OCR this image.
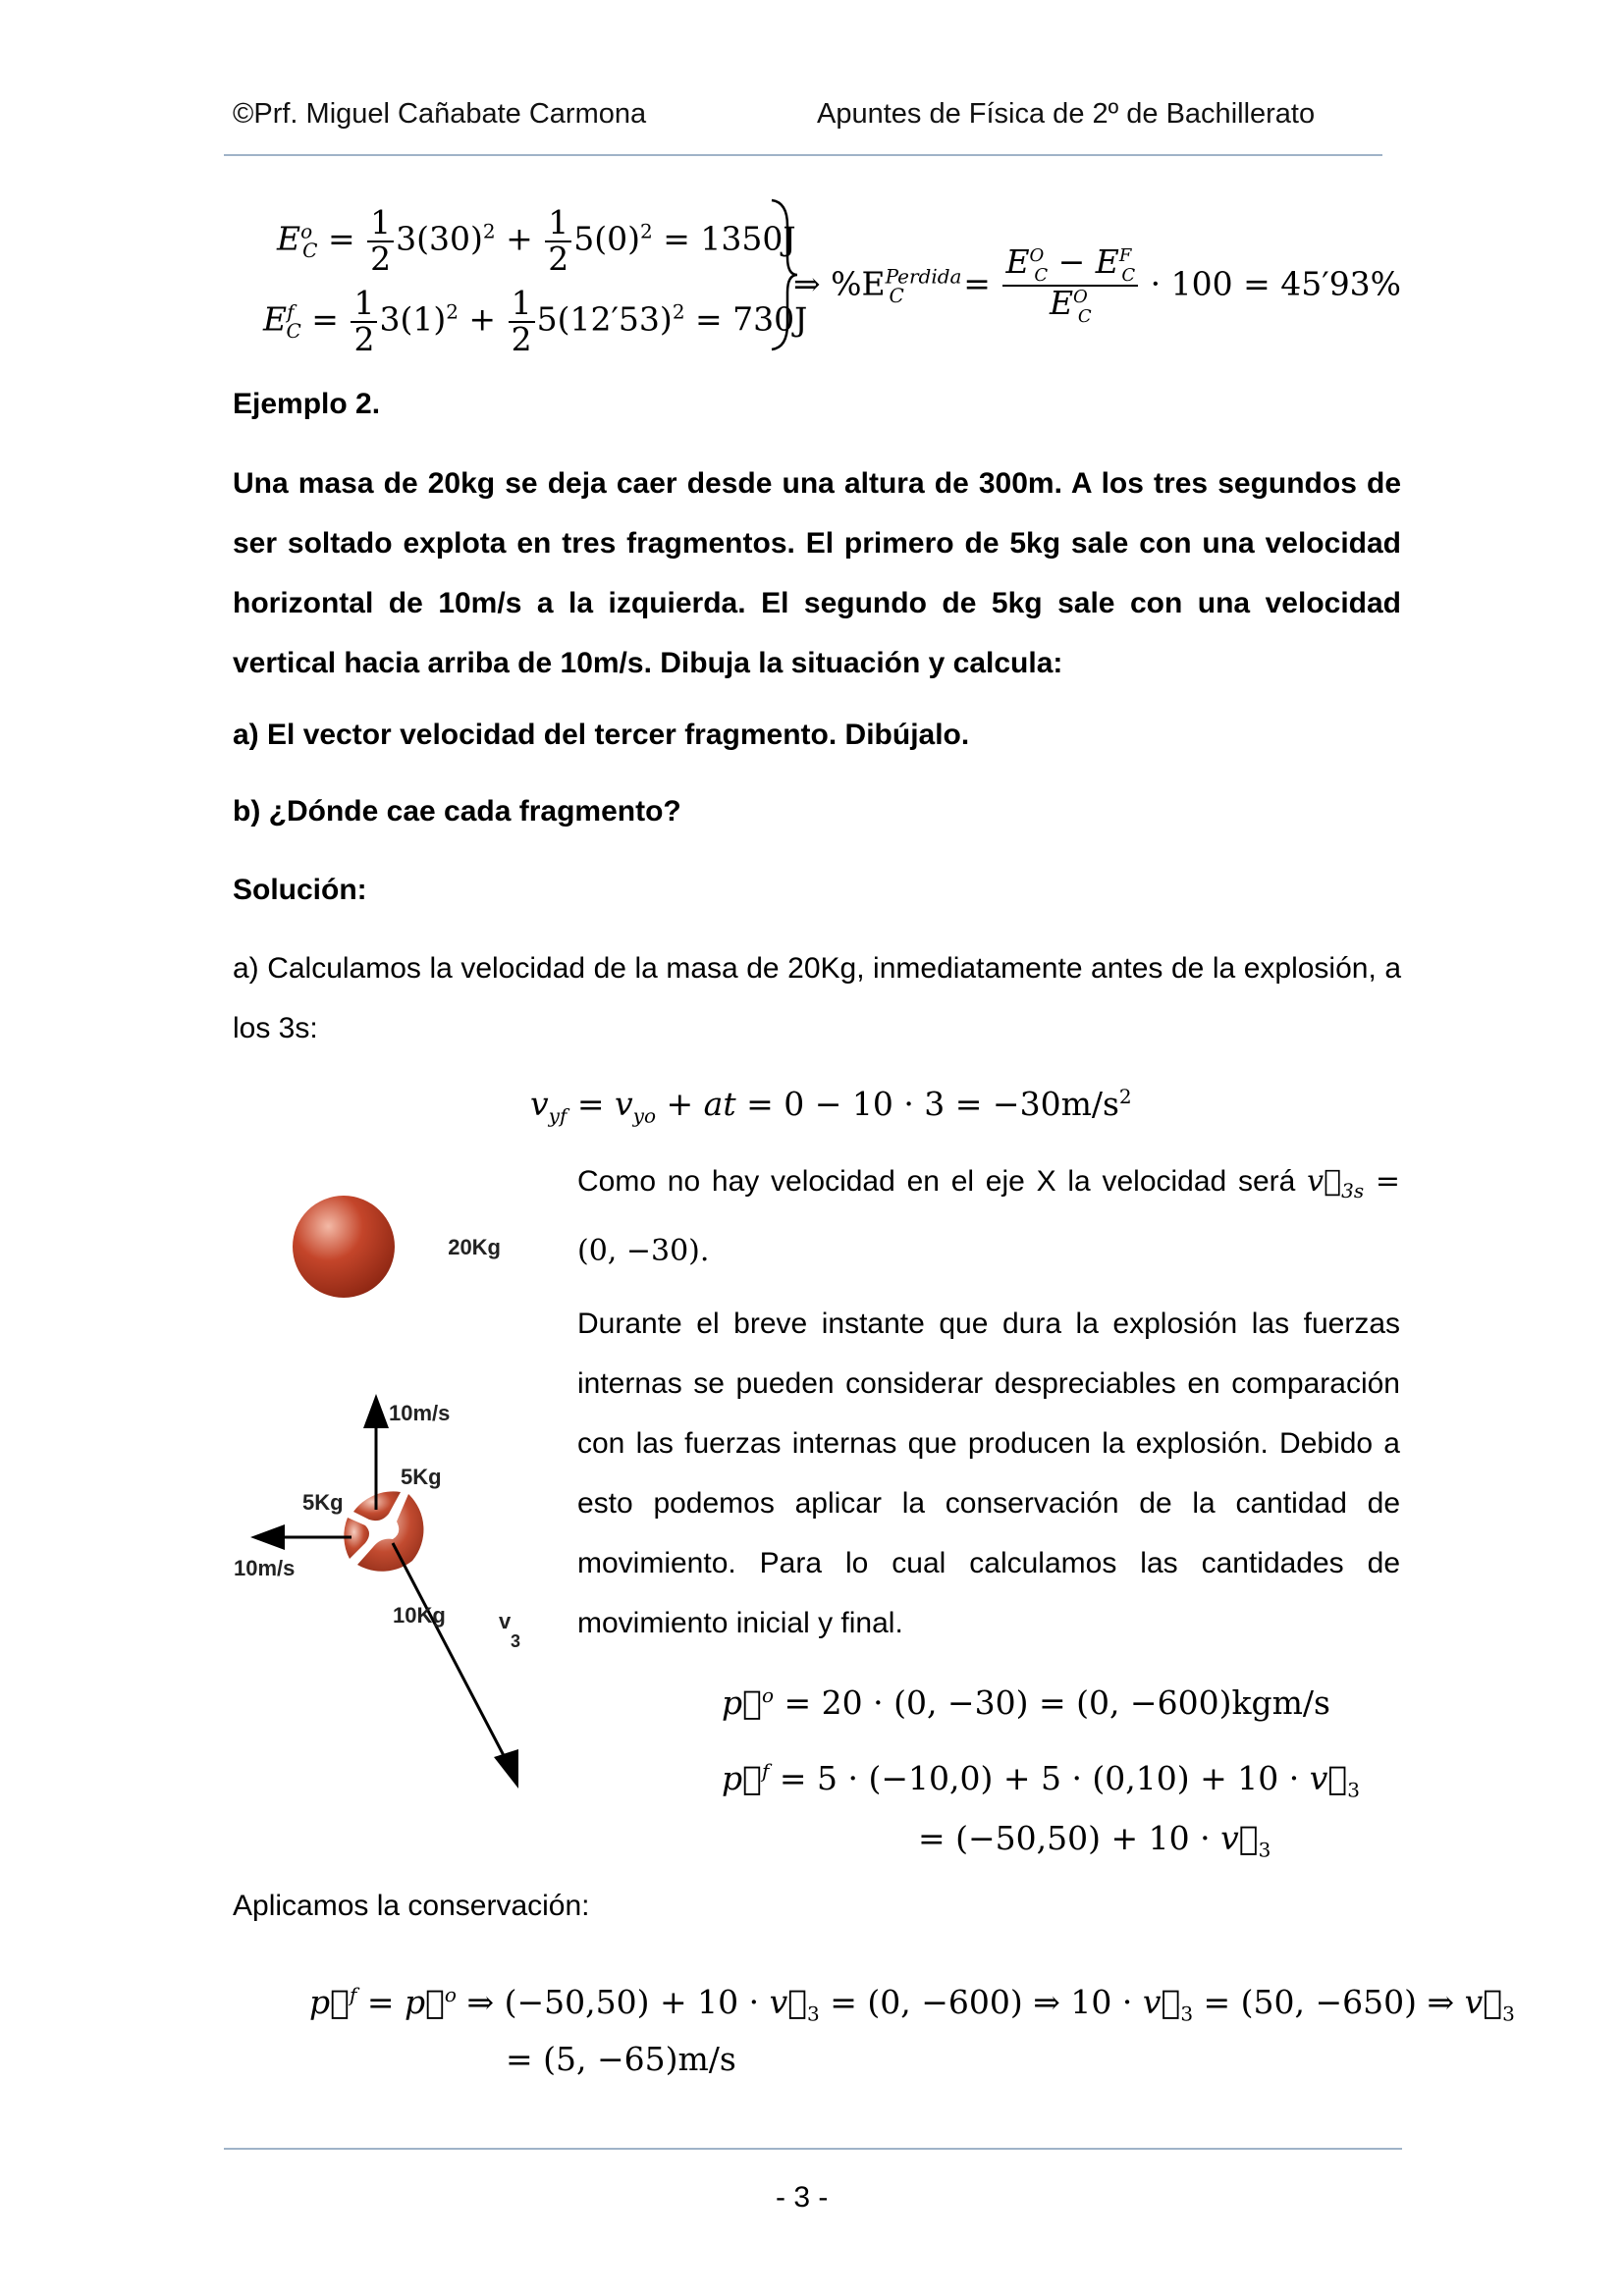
©Prf. Miguel Cañabate Carmona	Apuntes de Física de 2º de Bachillerato
$E^o_C = \frac{1}{2} 3(30)^2 + \frac{1}{2} 5(0)^2 = 1350J$
$E^f_C = \frac{1}{2} 3(1)^2 + \frac{1}{2} 5(12'53)^2 = 730J$
⇒ $\%E^{Perdida}_C = \frac{E^O_C - E^F_C}{E^O_C} \cdot 100 = 45'93\%$
Ejemplo 2.

Una masa de 20kg se deja caer desde una altura de 300m. A los tres segundos de ser soltado explota en tres fragmentos. El primero de 5kg sale con una velocidad horizontal de 10m/s a la izquierda. El segundo de 5kg sale con una velocidad vertical hacia arriba de 10m/s. Dibuja la situación y calcula:

a) El vector velocidad del tercer fragmento. Dibújalo.
b) ¿Dónde cae cada fragmento?
Solución:

a) Calculamos la velocidad de la masa de 20Kg, inmediatamente antes de la explosión, a los 3s:

$v_{yf} = v_{yo}$ + at = $0 - 10 \cdot 3 = -30m/s^2$
Como no hay velocidad en el eje X la velocidad será $v⃗_{3s} = (0$, −30).

Durante el breve instante que dura la explosión las fuerzas internas se pueden considerar despreciables en comparación con las fuerzas internas que producen la explosión. Debido a esto podemos aplicar la conservación de la cantidad de movimiento. Para lo cual calculamos las cantidades de movimiento inicial y final.

p⃗$^o$ = 20 · (0, −30) = (0, −600)kgm/s
p⃗$^f$ = $5 \cdot (-10,0) + 5 \cdot (0,10) + 10 \cdot v⃗_3$
= $(-50,50) + 10 \cdot v⃗_3$
Aplicamos la conservación:
p⃗$^f$ = p⃗$^o$ ⇒ $(-50,50) + 10 \cdot v⃗_3 = (0$, −600) ⇒ $10 \cdot v⃗_3 = (50$, −650) ⇒ $v⃗_3$
= (5, −65)m/s
20Kg
10m/s
5Kg
5Kg
10m/s
10Kg v
3
- 3 -
